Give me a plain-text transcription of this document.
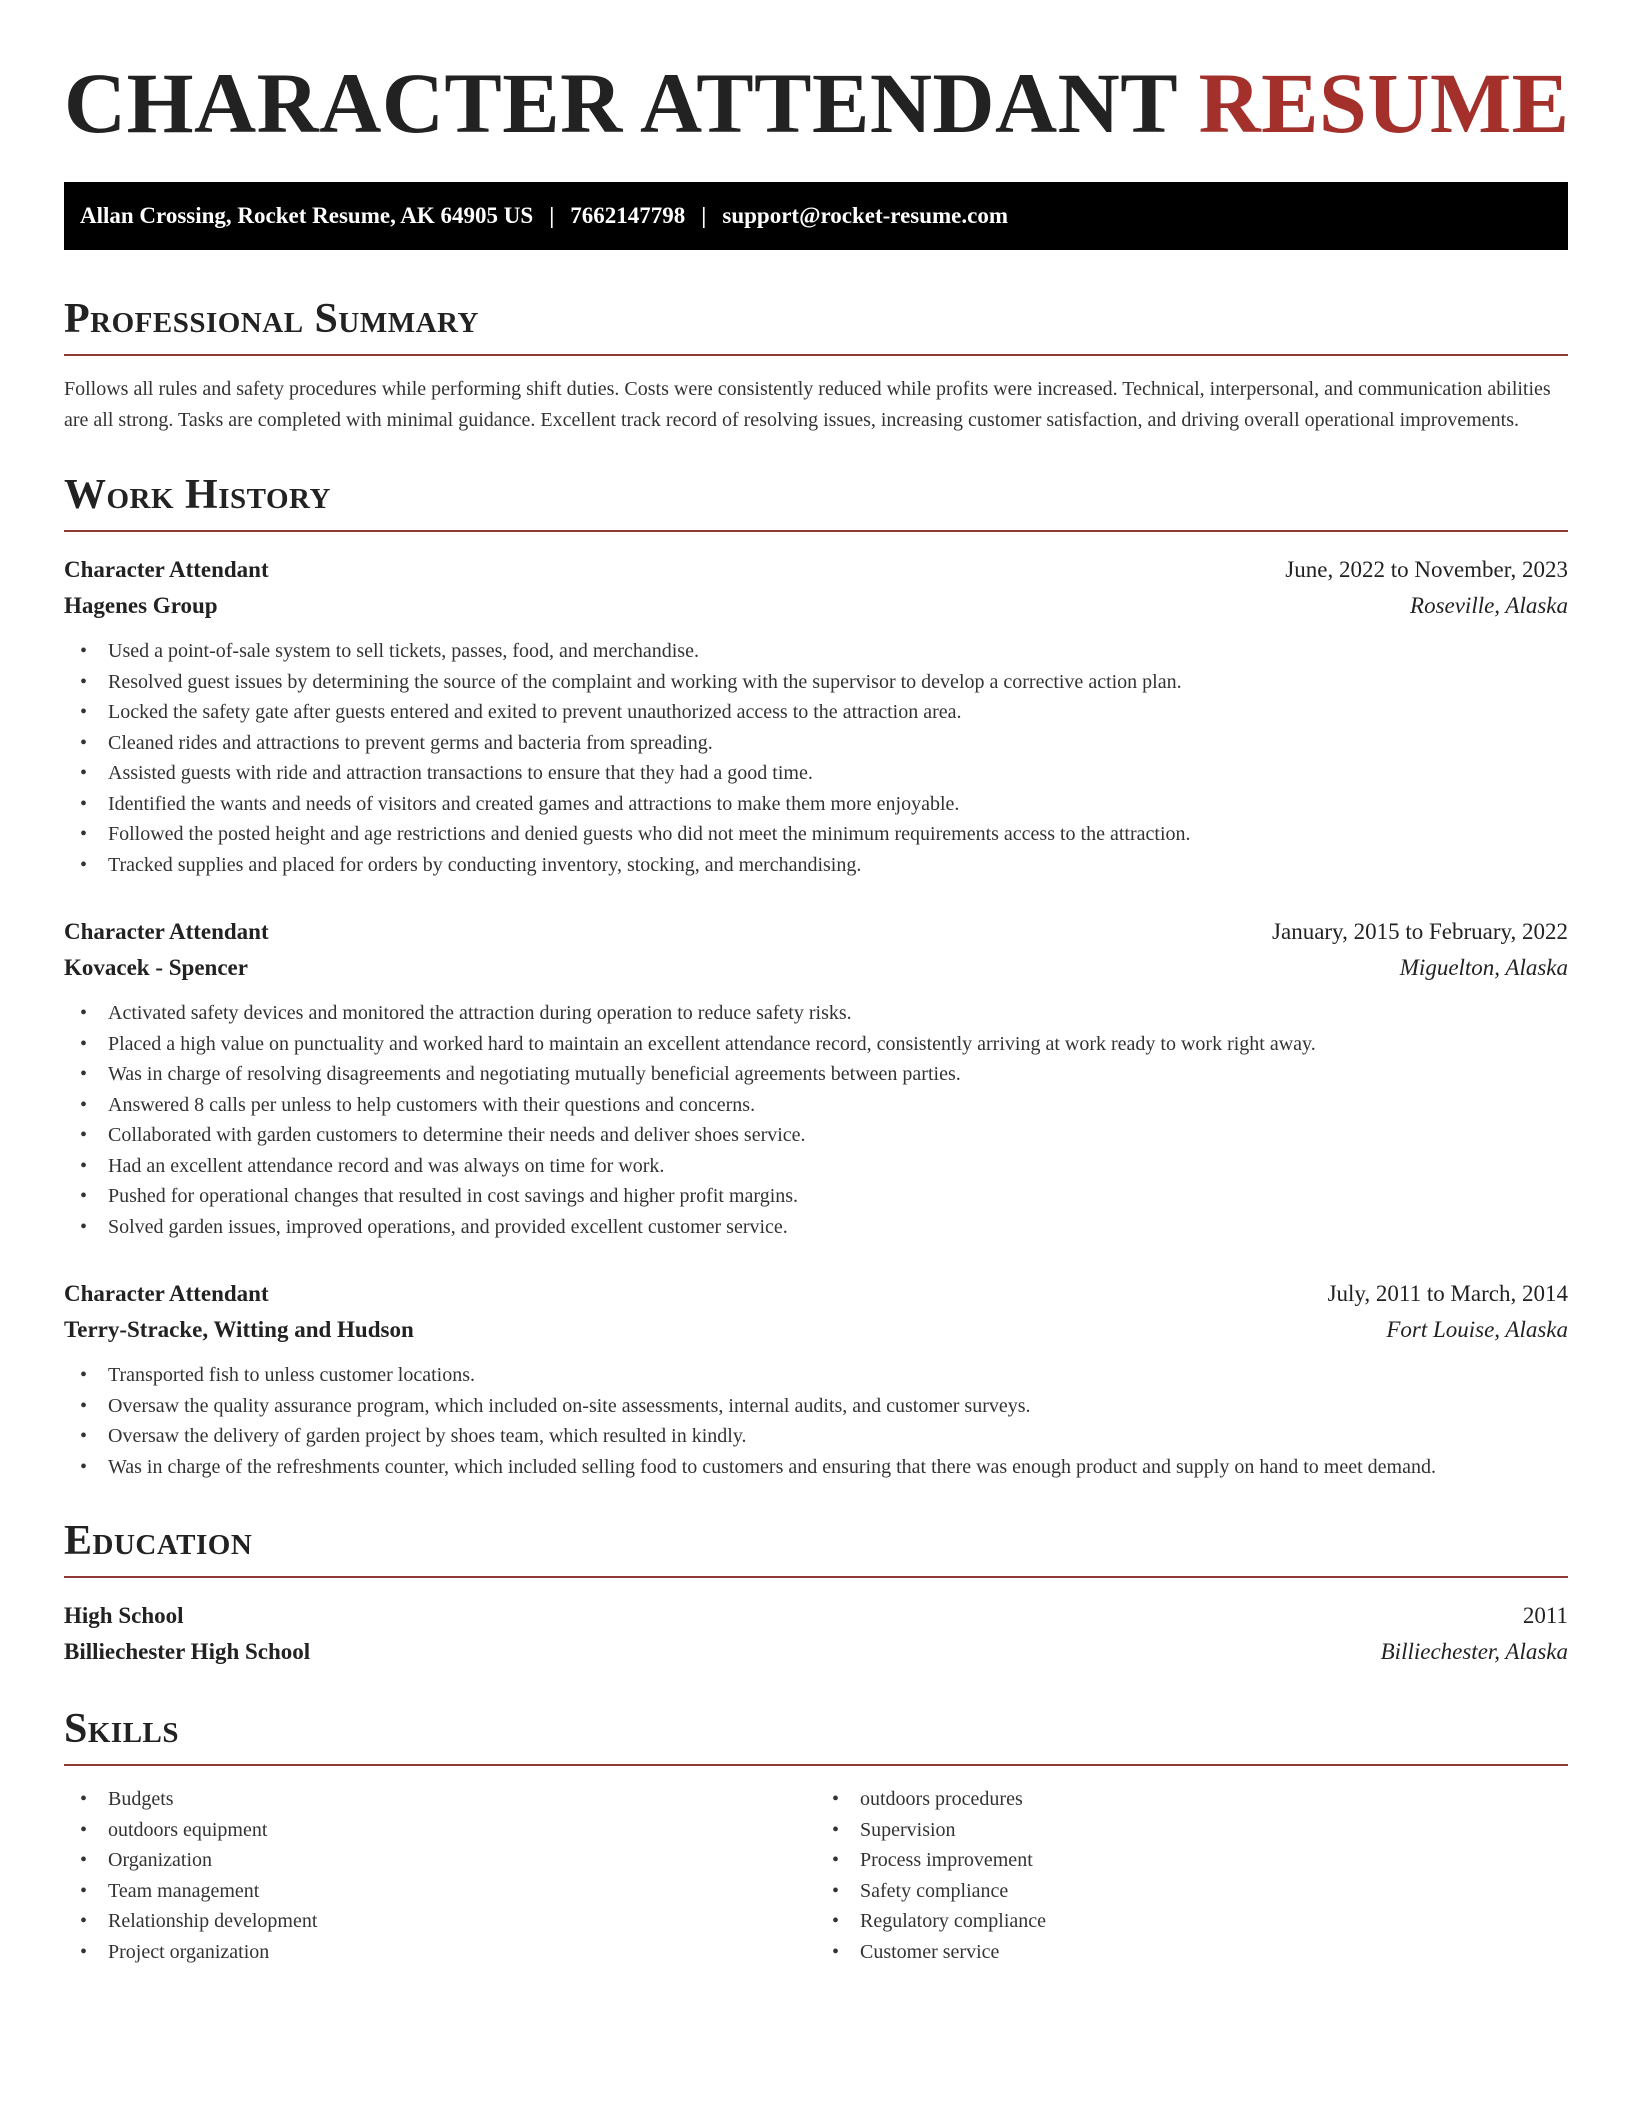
CHARACTER ATTENDANT RESUME
Allan Crossing, Rocket Resume, AK 64905 US | 7662147798 | support@rocket-resume.com
Professional Summary

Follows all rules and safety procedures while performing shift duties. Costs were consistently reduced while profits were increased. Technical, interpersonal, and communication abilities are all strong. Tasks are completed with minimal guidance. Excellent track record of resolving issues, increasing customer satisfaction, and driving overall operational improvements.

Work History
Character Attendant	June, 2022 to November, 2023
Hagenes Group	Roseville, Alaska
• Used a point-of-sale system to sell tickets, passes, food, and merchandise.
• Resolved guest issues by determining the source of the complaint and working with the supervisor to develop a corrective action plan.
• Locked the safety gate after guests entered and exited to prevent unauthorized access to the attraction area.
• Cleaned rides and attractions to prevent germs and bacteria from spreading.
• Assisted guests with ride and attraction transactions to ensure that they had a good time.
• Identified the wants and needs of visitors and created games and attractions to make them more enjoyable.
• Followed the posted height and age restrictions and denied guests who did not meet the minimum requirements access to the attraction.
• Tracked supplies and placed for orders by conducting inventory, stocking, and merchandising.
Character Attendant	January, 2015 to February, 2022
Kovacek - Spencer	Miguelton, Alaska
• Activated safety devices and monitored the attraction during operation to reduce safety risks.
• Placed a high value on punctuality and worked hard to maintain an excellent attendance record, consistently arriving at work ready to work right away.
• Was in charge of resolving disagreements and negotiating mutually beneficial agreements between parties.
• Answered 8 calls per unless to help customers with their questions and concerns.
• Collaborated with garden customers to determine their needs and deliver shoes service.
• Had an excellent attendance record and was always on time for work.
• Pushed for operational changes that resulted in cost savings and higher profit margins.
• Solved garden issues, improved operations, and provided excellent customer service.
Character Attendant	July, 2011 to March, 2014
Terry-Stracke, Witting and Hudson	Fort Louise, Alaska
• Transported fish to unless customer locations.
• Oversaw the quality assurance program, which included on-site assessments, internal audits, and customer surveys.
• Oversaw the delivery of garden project by shoes team, which resulted in kindly.
• Was in charge of the refreshments counter, which included selling food to customers and ensuring that there was enough product and supply on hand to meet demand.
Education
High School	2011
Billiechester High School	Billiechester, Alaska
Skills
• Budgets
• outdoors equipment
• Organization
• Team management
• Relationship development
• Project organization
• outdoors procedures
• Supervision
• Process improvement
• Safety compliance
• Regulatory compliance
• Customer service
